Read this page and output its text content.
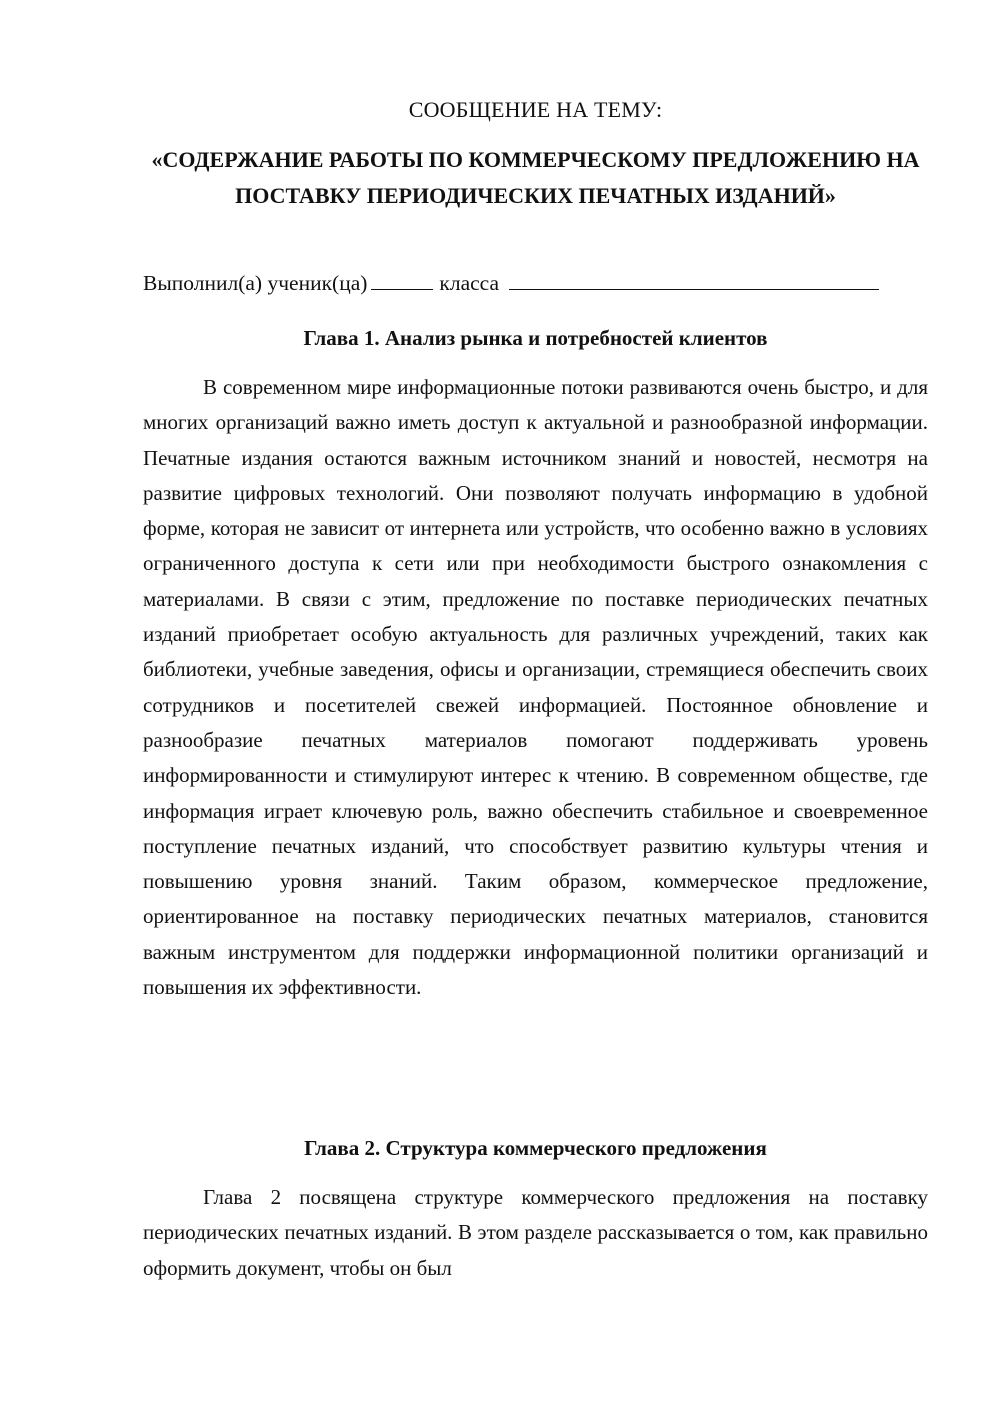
СООБЩЕНИЕ НА ТЕМУ:
«СОДЕРЖАНИЕ РАБОТЫ ПО КОММЕРЧЕСКОМУ ПРЕДЛОЖЕНИЮ НА ПОСТАВКУ ПЕРИОДИЧЕСКИХ ПЕЧАТНЫХ ИЗДАНИЙ»
Выполнил(а) ученик(ца)	класса
Глава 1. Анализ рынка и потребностей клиентов

В современном мире информационные потоки развиваются очень быстро, и для многих организаций важно иметь доступ к актуальной и разнообразной информации. Печатные издания остаются важным источником знаний и новостей, несмотря на развитие цифровых технологий. Они позволяют получать информацию в удобной форме, которая не зависит от интернета или устройств, что особенно важно в условиях ограниченного доступа к сети или при необходимости быстрого ознакомления с материалами. В связи с этим, предложение по поставке периодических печатных изданий приобретает особую актуальность для различных учреждений, таких как библиотеки, учебные заведения, офисы и организации, стремящиеся обеспечить своих сотрудников и посетителей свежей информацией. Постоянное обновление и разнообразие печатных материалов помогают поддерживать уровень информированности и стимулируют интерес к чтению. В современном обществе, где информация играет ключевую роль, важно обеспечить стабильное и своевременное поступление печатных изданий, что способствует развитию культуры чтения и повышению уровня знаний. Таким образом, коммерческое предложение, ориентированное на поставку периодических печатных материалов, становится важным инструментом для поддержки информационной политики организаций и повышения их эффективности.

Глава 2. Структура коммерческого предложения

Глава 2 посвящена структуре коммерческого предложения на поставку периодических печатных изданий. В этом разделе рассказывается о том, как правильно оформить документ, чтобы он был
